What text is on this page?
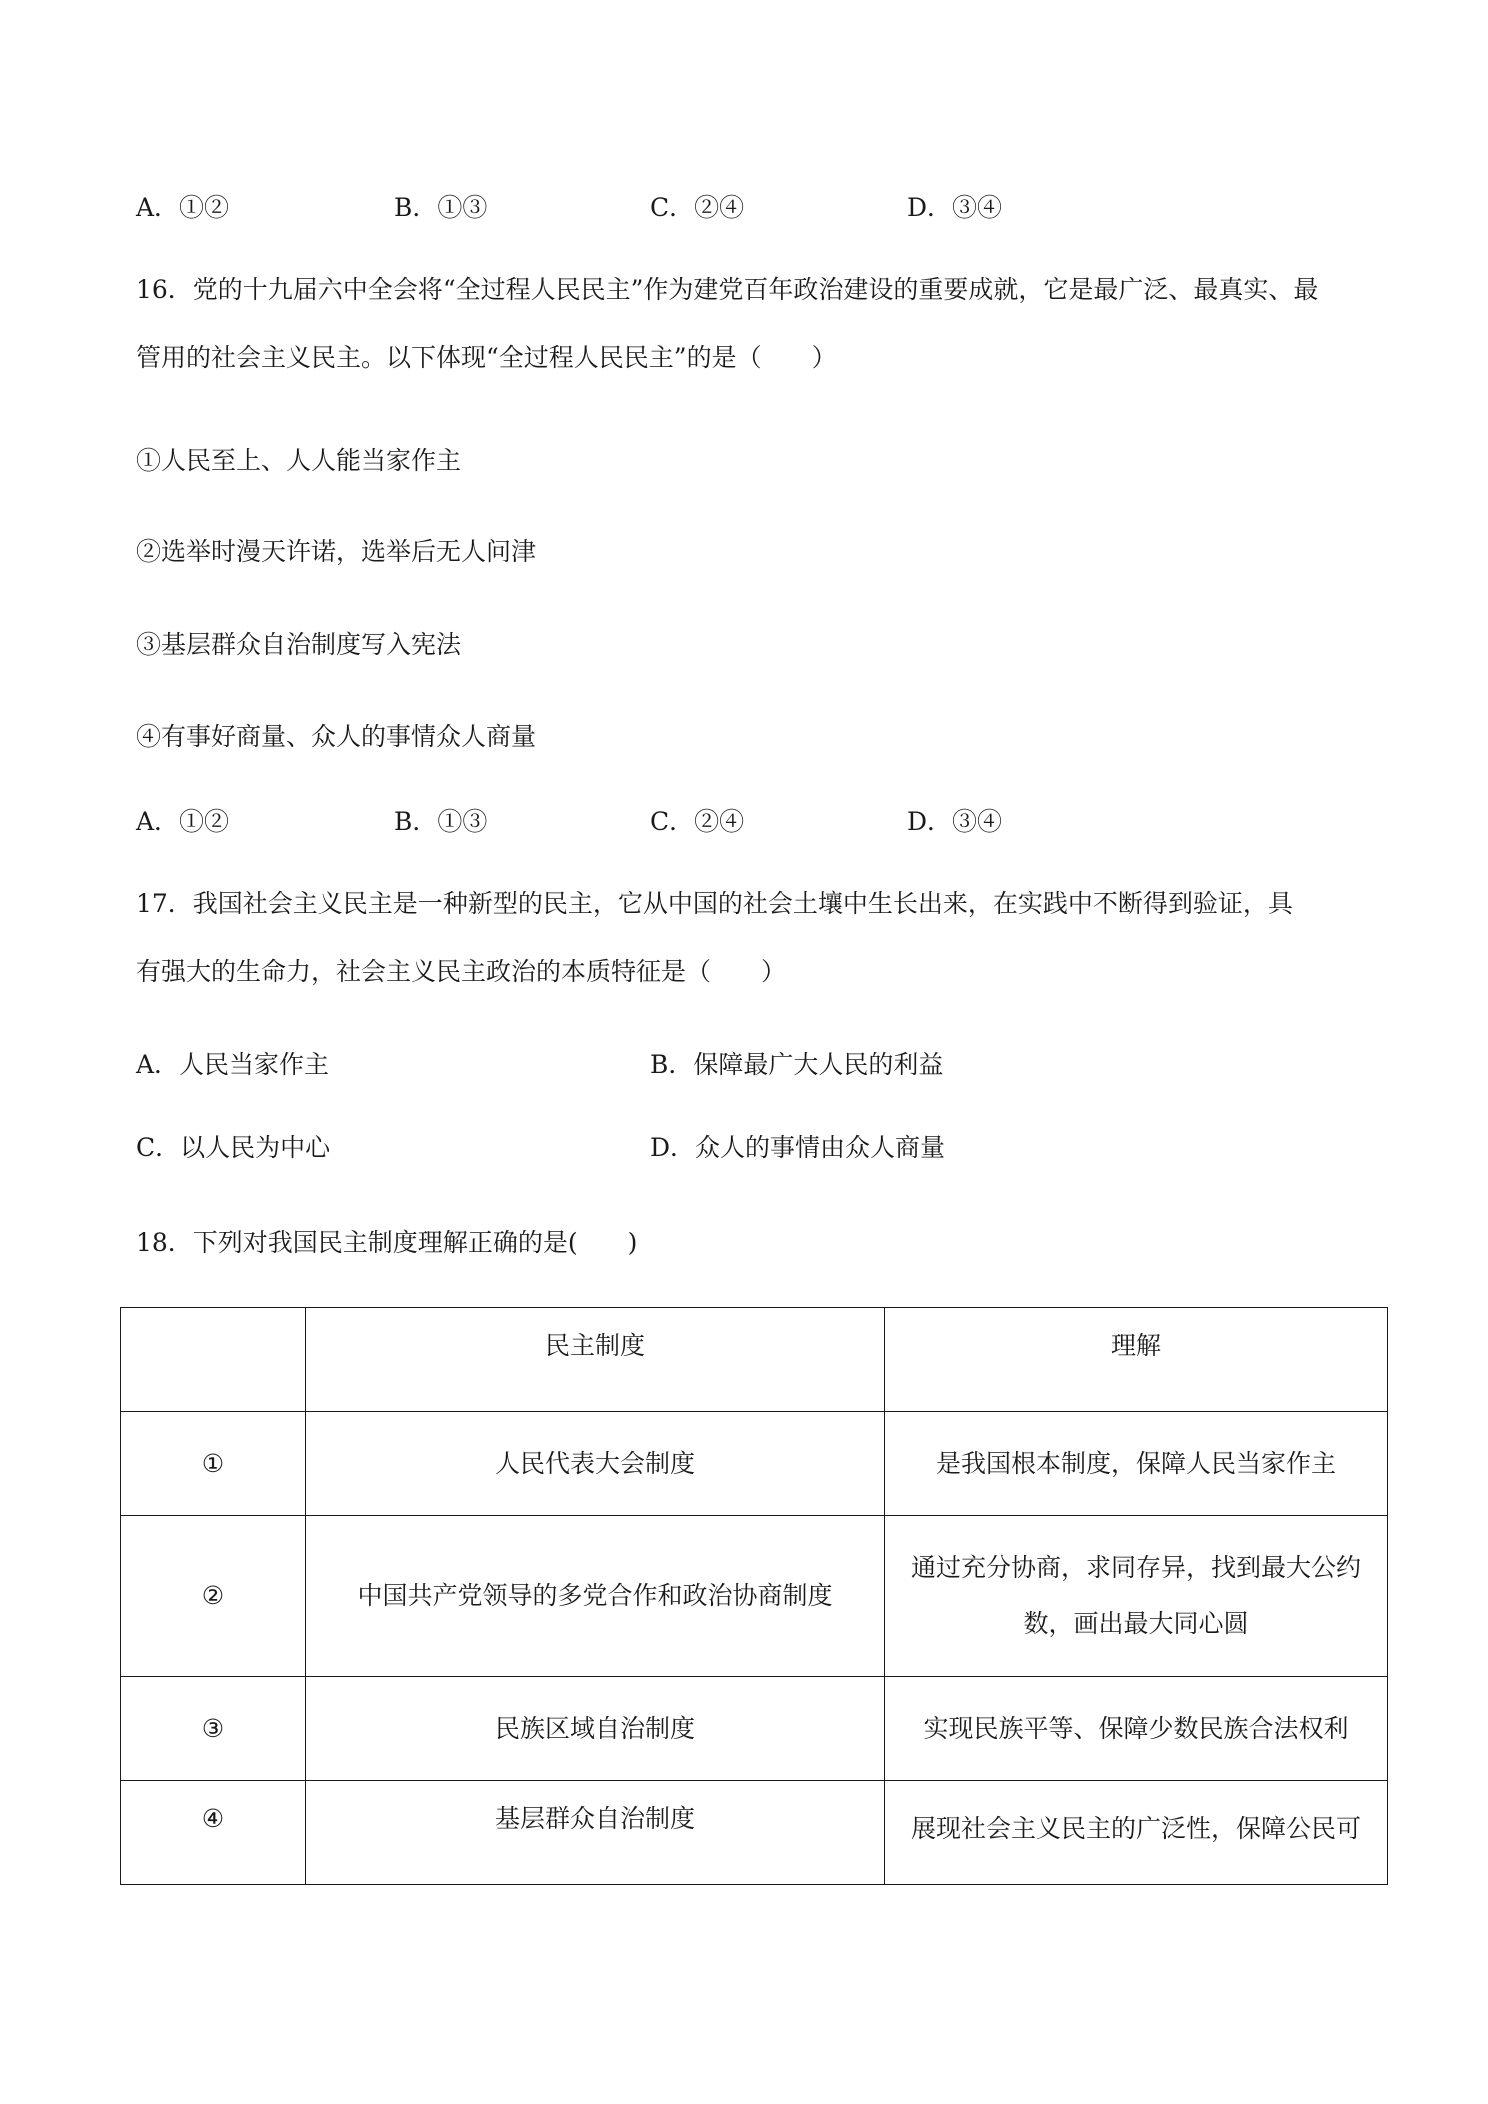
A．①②	B．①③	C．②④	D．③④
16．党的十九届六中全会将“全过程人民民主”作为建党百年政治建设的重要成就，它是最广泛、最真实、最
管用的社会主义民主。以下体现“全过程人民民主”的是（　　）
①人民至上、人人能当家作主
②选举时漫天许诺，选举后无人问津
③基层群众自治制度写入宪法
④有事好商量、众人的事情众人商量
A．①②	B．①③	C．②④	D．③④
17．我国社会主义民主是一种新型的民主，它从中国的社会土壤中生长出来，在实践中不断得到验证，具
有强大的生命力，社会主义民主政治的本质特征是（　　）
A．人民当家作主	B．保障最广大人民的利益
C．以人民为中心	D．众人的事情由众人商量
18．下列对我国民主制度理解正确的是(　　)
	民主制度	理解
①	人民代表大会制度	是我国根本制度，保障人民当家作主
②	中国共产党领导的多党合作和政治协商制度	通过充分协商，求同存异，找到最大公约数，画出最大同心圆
③	民族区域自治制度	实现民族平等、保障少数民族合法权利
④	基层群众自治制度	展现社会主义民主的广泛性，保障公民可
